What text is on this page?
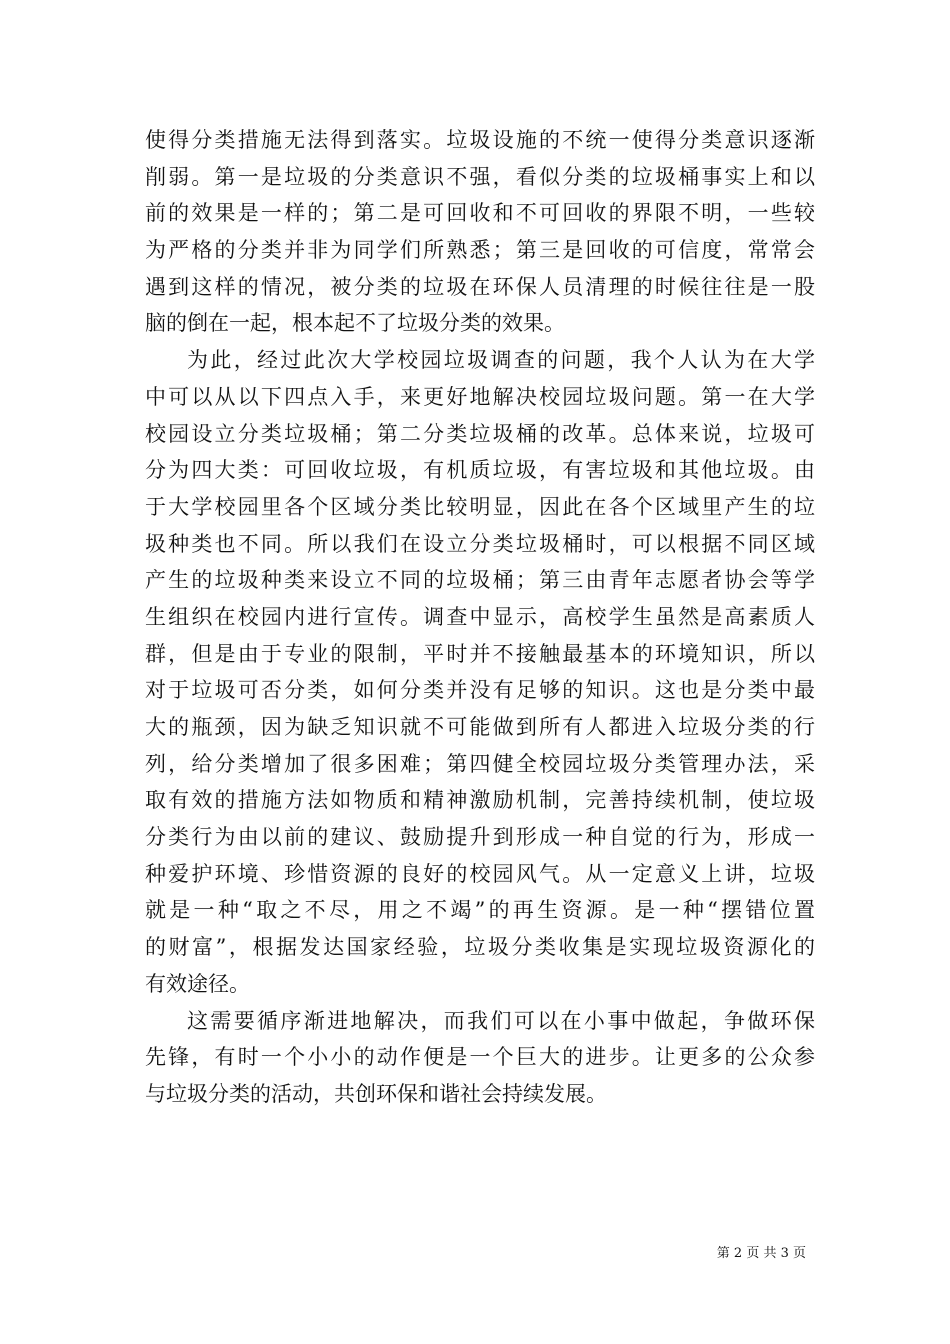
使得分类措施无法得到落实。垃圾设施的不统一使得分类意识逐渐
削弱。第一是垃圾的分类意识不强，看似分类的垃圾桶事实上和以
前的效果是一样的；第二是可回收和不可回收的界限不明，一些较
为严格的分类并非为同学们所熟悉；第三是回收的可信度，常常会
遇到这样的情况，被分类的垃圾在环保人员清理的时候往往是一股
脑的倒在一起，根本起不了垃圾分类的效果。
为此，经过此次大学校园垃圾调查的问题，我个人认为在大学
中可以从以下四点入手，来更好地解决校园垃圾问题。第一在大学
校园设立分类垃圾桶；第二分类垃圾桶的改革。总体来说，垃圾可
分为四大类：可回收垃圾，有机质垃圾，有害垃圾和其他垃圾。由
于大学校园里各个区域分类比较明显，因此在各个区域里产生的垃
圾种类也不同。所以我们在设立分类垃圾桶时，可以根据不同区域
产生的垃圾种类来设立不同的垃圾桶；第三由青年志愿者协会等学
生组织在校园内进行宣传。调查中显示，高校学生虽然是高素质人
群，但是由于专业的限制，平时并不接触最基本的环境知识，所以
对于垃圾可否分类，如何分类并没有足够的知识。这也是分类中最
大的瓶颈，因为缺乏知识就不可能做到所有人都进入垃圾分类的行
列，给分类增加了很多困难；第四健全校园垃圾分类管理办法，采
取有效的措施方法如物质和精神激励机制，完善持续机制，使垃圾
分类行为由以前的建议、鼓励提升到形成一种自觉的行为，形成一
种爱护环境、珍惜资源的良好的校园风气。从一定意义上讲，垃圾
就是一种“取之不尽，用之不竭”的再生资源。是一种“摆错位置
的财富”，根据发达国家经验，垃圾分类收集是实现垃圾资源化的
有效途径。
这需要循序渐进地解决，而我们可以在小事中做起，争做环保
先锋，有时一个小小的动作便是一个巨大的进步。让更多的公众参
与垃圾分类的活动，共创环保和谐社会持续发展。
第 2 页 共 3 页
